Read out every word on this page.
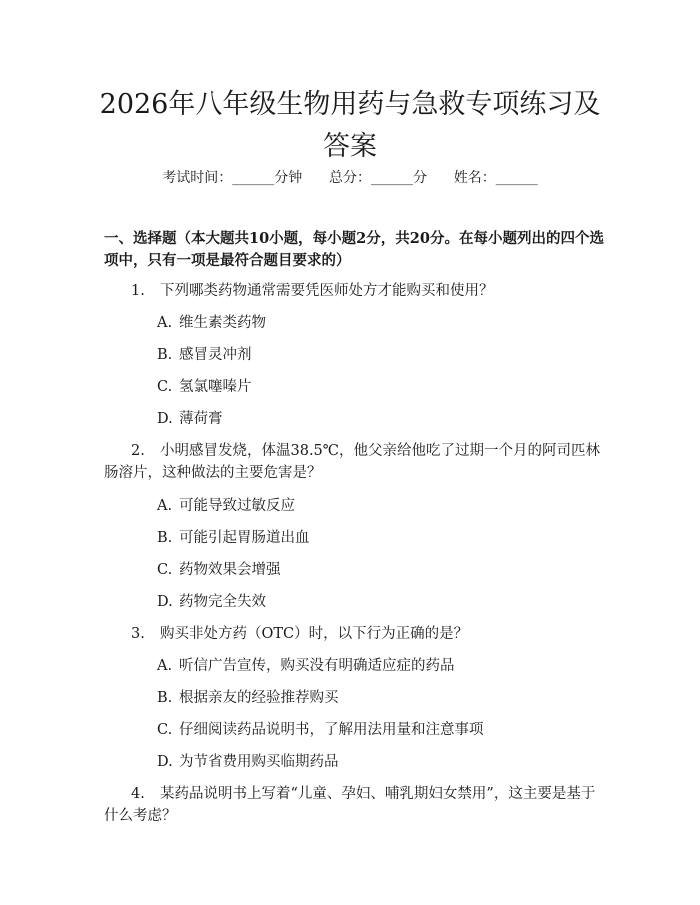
2026年八年级生物用药与急救专项练习及答案
考试时间：______分钟 总分：______分 姓名：______
一、选择题（本大题共10小题，每小题2分，共20分。在每小题列出的四个选项中，只有一项是最符合题目要求的）
1. 下列哪类药物通常需要凭医师处方才能购买和使用？
A. 维生素类药物
B. 感冒灵冲剂
C. 氢氯噻嗪片
D. 薄荷膏
2. 小明感冒发烧，体温38.5℃，他父亲给他吃了过期一个月的阿司匹林肠溶片，这种做法的主要危害是？
A. 可能导致过敏反应
B. 可能引起胃肠道出血
C. 药物效果会增强
D. 药物完全失效
3. 购买非处方药（OTC）时，以下行为正确的是？
A. 听信广告宣传，购买没有明确适应症的药品
B. 根据亲友的经验推荐购买
C. 仔细阅读药品说明书，了解用法用量和注意事项
D. 为节省费用购买临期药品
4. 某药品说明书上写着“儿童、孕妇、哺乳期妇女禁用”，这主要是基于什么考虑？
